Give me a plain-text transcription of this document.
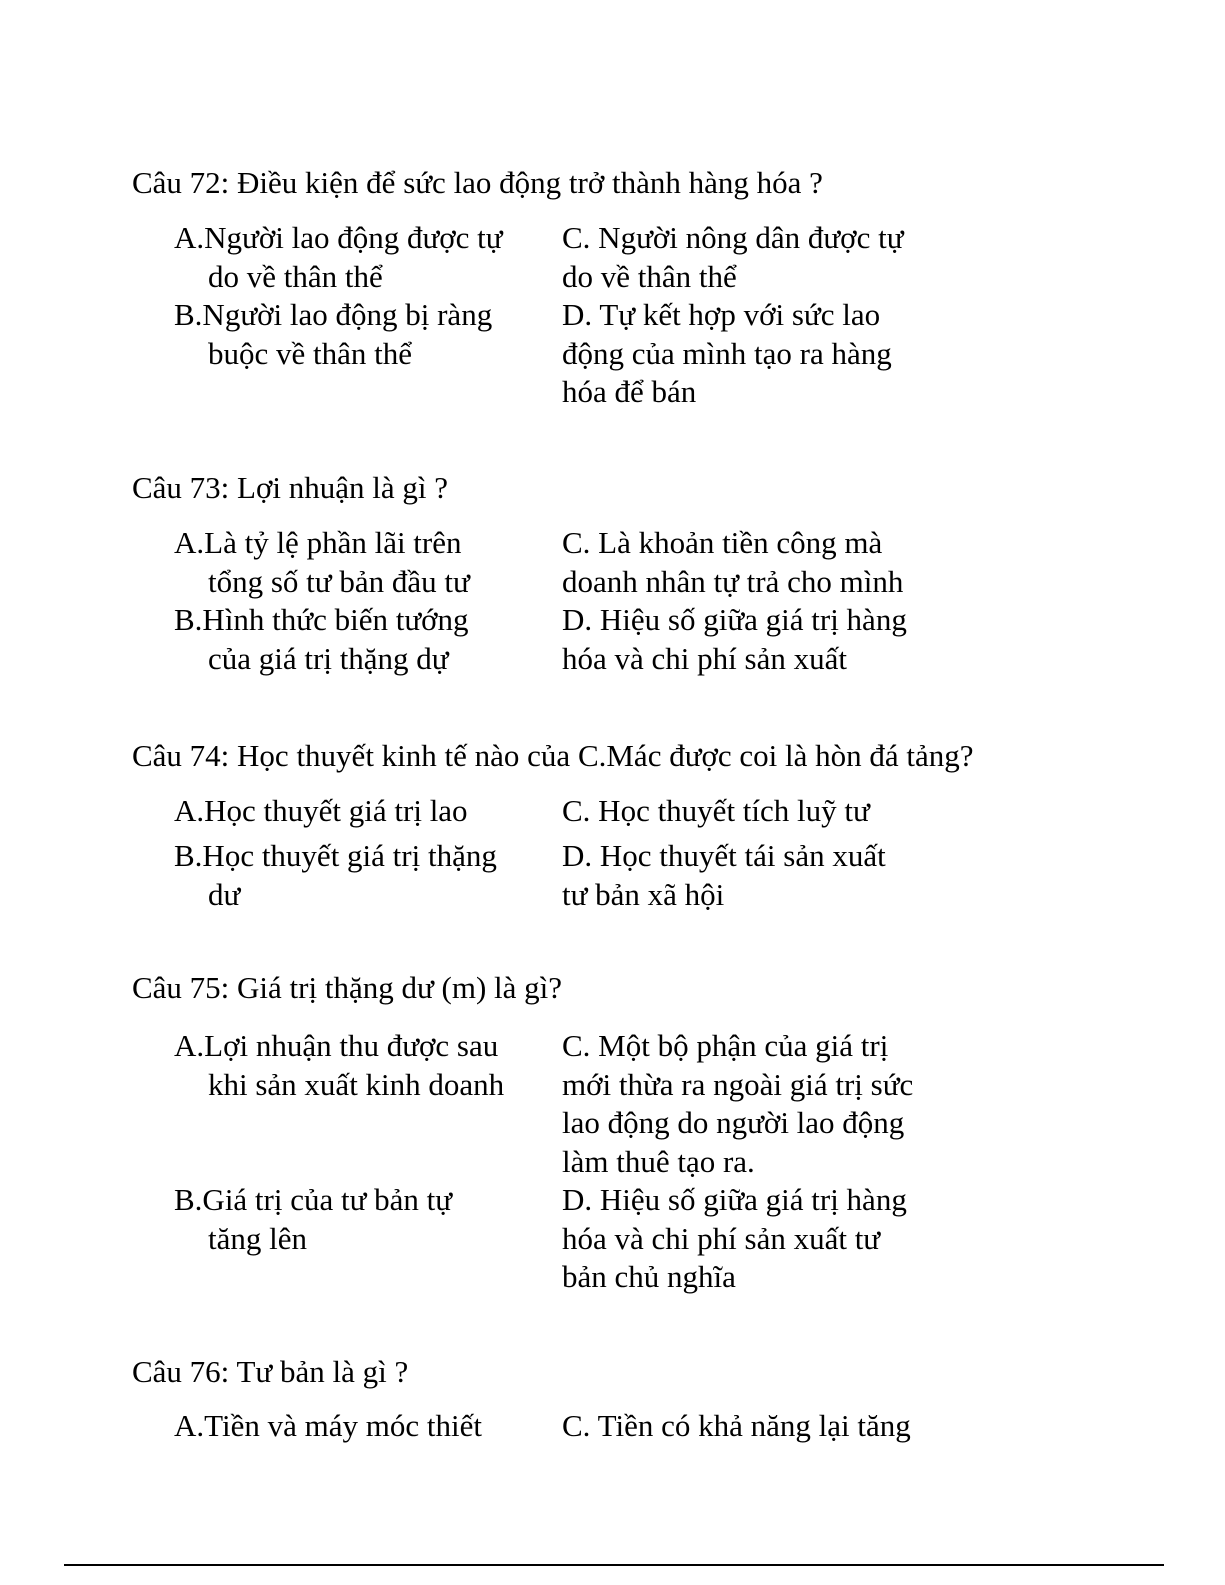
Câu 72: Điều kiện để sức lao động trở thành hàng hóa ?
A.Người lao động được tự
do về thân thể
B.Người lao động bị ràng
buộc về thân thể
C. Người nông dân được tự
do về thân thể
D. Tự kết hợp với sức lao
động của mình tạo ra hàng
hóa để bán
Câu 73: Lợi nhuận là gì ?
A.Là tỷ lệ phần lãi trên
tổng số tư bản đầu tư
B.Hình thức biến tướng
của giá trị thặng dự
C. Là khoản tiền công mà
doanh nhân tự trả cho mình
D. Hiệu số giữa giá trị hàng
hóa và chi phí sản xuất
Câu 74: Học thuyết kinh tế nào của C.Mác được coi là hòn đá tảng?
A.Học thuyết giá trị lao
B.Học thuyết giá trị thặng
dư
C. Học thuyết tích luỹ tư
D. Học thuyết tái sản xuất
tư bản xã hội
Câu 75: Giá trị thặng dư (m) là gì?
A.Lợi nhuận thu được sau
khi sản xuất kinh doanh
B.Giá trị của tư bản tự
tăng lên
C. Một bộ phận của giá trị
mới thừa ra ngoài giá trị sức
lao động do người lao động
làm thuê tạo ra.
D. Hiệu số giữa giá trị hàng
hóa và chi phí sản xuất tư
bản chủ nghĩa
Câu 76: Tư bản là gì ?
A.Tiền và máy móc thiết	C. Tiền có khả năng lại tăng
